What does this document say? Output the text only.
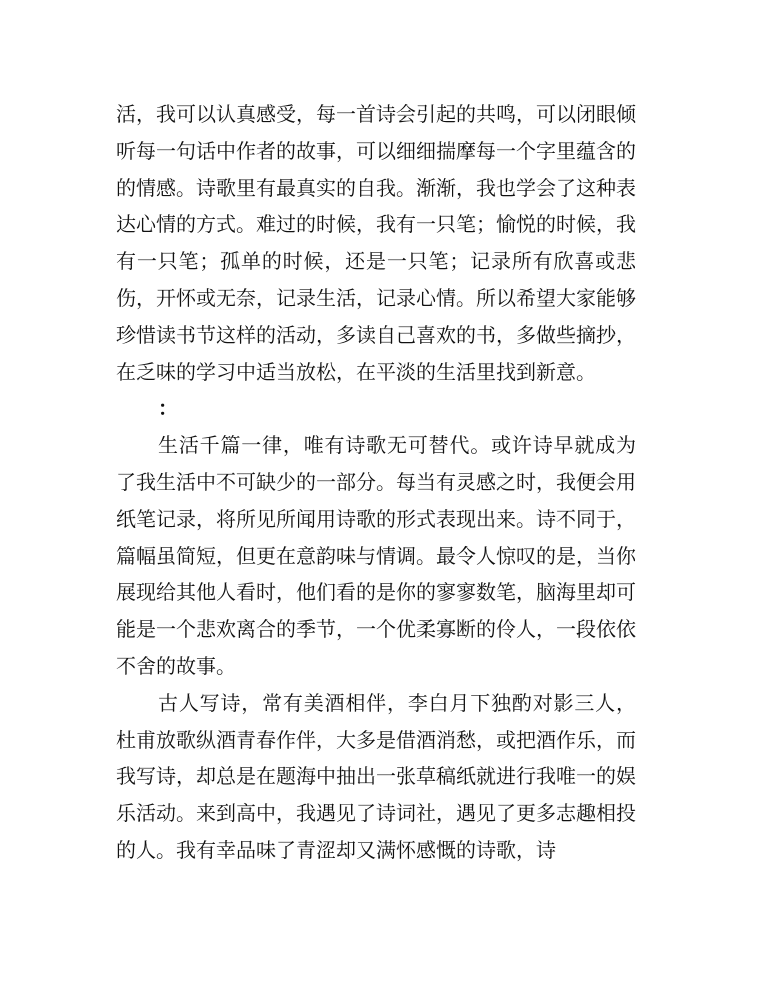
活，我可以认真感受，每一首诗会引起的共鸣，可以闭眼倾听每一句话中作者的故事，可以细细揣摩每一个字里蕴含的的情感。诗歌里有最真实的自我。渐渐，我也学会了这种表达心情的方式。难过的时候，我有一只笔；愉悦的时候，我有一只笔；孤单的时候，还是一只笔；记录所有欣喜或悲伤，开怀或无奈，记录生活，记录心情。所以希望大家能够珍惜读书节这样的活动，多读自己喜欢的书，多做些摘抄，在乏味的学习中适当放松，在平淡的生活里找到新意。

：

生活千篇一律，唯有诗歌无可替代。或许诗早就成为了我生活中不可缺少的一部分。每当有灵感之时，我便会用纸笔记录，将所见所闻用诗歌的形式表现出来。诗不同于，篇幅虽简短，但更在意韵味与情调。最令人惊叹的是，当你展现给其他人看时，他们看的是你的寥寥数笔，脑海里却可能是一个悲欢离合的季节，一个优柔寡断的伶人，一段依依不舍的故事。

古人写诗，常有美酒相伴，李白月下独酌对影三人，杜甫放歌纵酒青春作伴，大多是借酒消愁，或把酒作乐，而我写诗，却总是在题海中抽出一张草稿纸就进行我唯一的娱乐活动。来到高中，我遇见了诗词社，遇见了更多志趣相投的人。我有幸品味了青涩却又满怀感慨的诗歌，诗
